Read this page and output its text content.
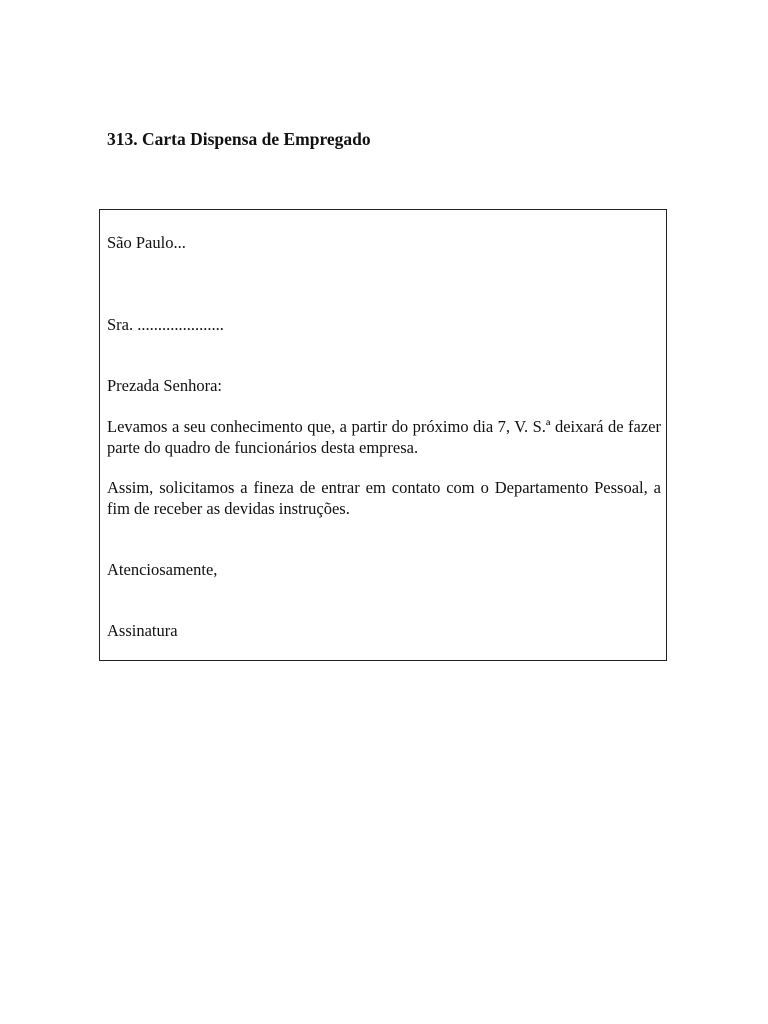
313. Carta Dispensa de Empregado

São Paulo...

Sra. .....................

Prezada Senhora:

Levamos a seu conhecimento que, a partir do próximo dia 7, V. S.ª deixará de fazer parte do quadro de funcionários desta empresa.

Assim, solicitamos a fineza de entrar em contato com o Departamento Pessoal, a fim de receber as devidas instruções.

Atenciosamente,

Assinatura
